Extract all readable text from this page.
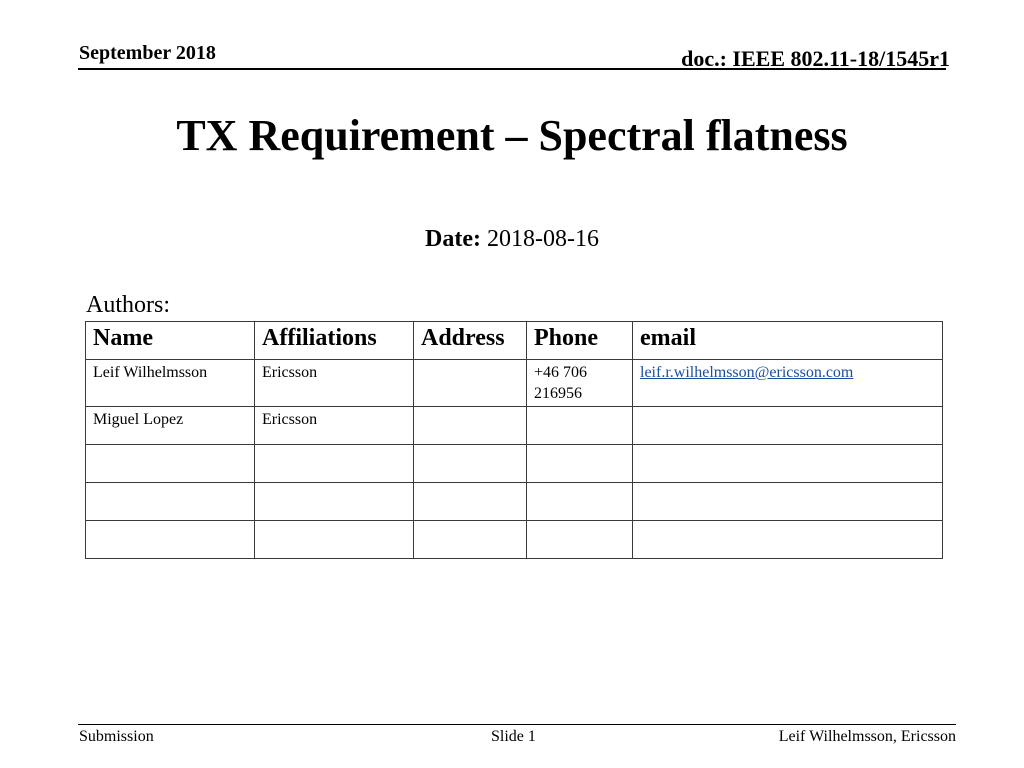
September 2018	doc.: IEEE 802.11-18/1545r1
TX Requirement – Spectral flatness
Date: 2018-08-16
Authors:
Name	Affiliations	Address	Phone	email
Leif Wilhelmsson	Ericsson		+46 706 216956	leif.r.wilhelmsson@ericsson.com
Miguel Lopez	Ericsson			

Submission	Slide 1	Leif Wilhelmsson, Ericsson
